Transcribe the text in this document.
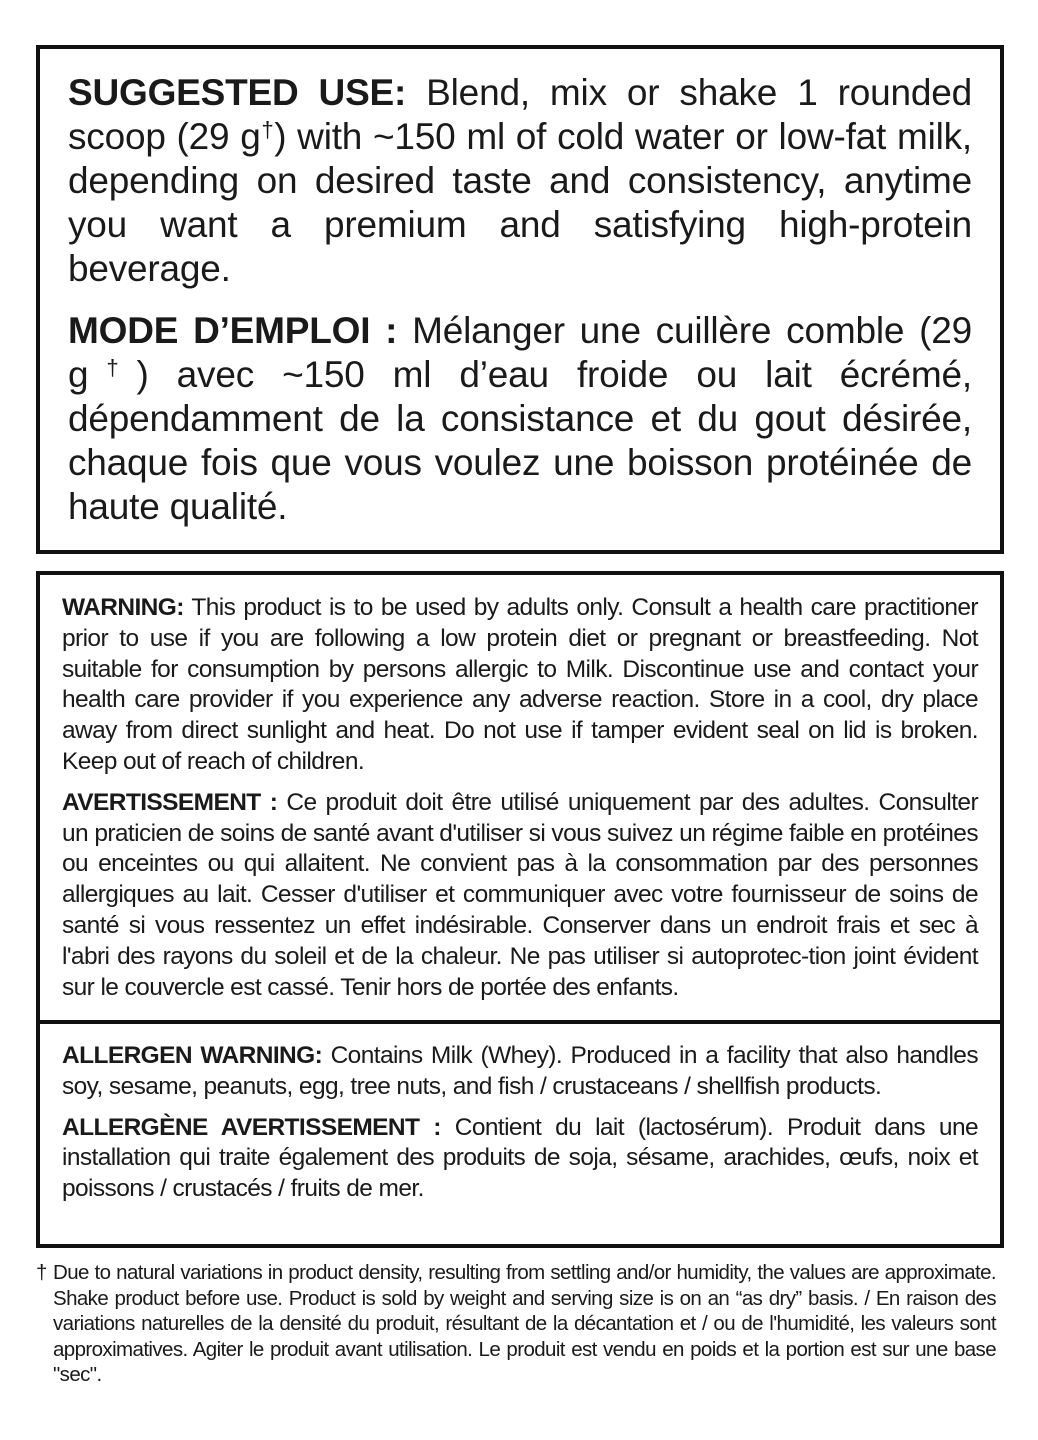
SUGGESTED USE: Blend, mix or shake 1 rounded scoop (29 g†) with ~150 ml of cold water or low-fat milk, depending on desired taste and consistency, anytime you want a premium and satisfying high-protein beverage.

MODE D’EMPLOI : Mélanger une cuillère comble (29 g†) avec ~150 ml d’eau froide ou lait écrémé, dépendamment de la consistance et du gout désirée, chaque fois que vous voulez une boisson protéinée de haute qualité.

WARNING: This product is to be used by adults only. Consult a health care practitioner prior to use if you are following a low protein diet or pregnant or breastfeeding. Not suitable for consumption by persons allergic to Milk. Discontinue use and contact your health care provider if you experience any adverse reaction. Store in a cool, dry place away from direct sunlight and heat. Do not use if tamper evident seal on lid is broken. Keep out of reach of children.

AVERTISSEMENT : Ce produit doit être utilisé uniquement par des adultes. Consulter un praticien de soins de santé avant d'utiliser si vous suivez un régime faible en protéines ou enceintes ou qui allaitent. Ne convient pas à la consommation par des personnes allergiques au lait. Cesser d'utiliser et communiquer avec votre fournisseur de soins de santé si vous ressentez un effet indésirable. Conserver dans un endroit frais et sec à l'abri des rayons du soleil et de la chaleur. Ne pas utiliser si autoprotec-tion joint évident sur le couvercle est cassé. Tenir hors de portée des enfants.

ALLERGEN WARNING: Contains Milk (Whey). Produced in a facility that also handles soy, sesame, peanuts, egg, tree nuts, and fish / crustaceans / shellfish products.

ALLERGÈNE AVERTISSEMENT : Contient du lait (lactosérum). Produit dans une installation qui traite également des produits de soja, sésame, arachides, œufs, noix et poissons / crustacés / fruits de mer.

† Due to natural variations in product density, resulting from settling and/or humidity, the values are approximate. Shake product before use. Product is sold by weight and serving size is on an “as dry” basis. / En raison des variations naturelles de la densité du produit, résultant de la décantation et / ou de l'humidité, les valeurs sont approximatives. Agiter le produit avant utilisation. Le produit est vendu en poids et la portion est sur une base "sec".
